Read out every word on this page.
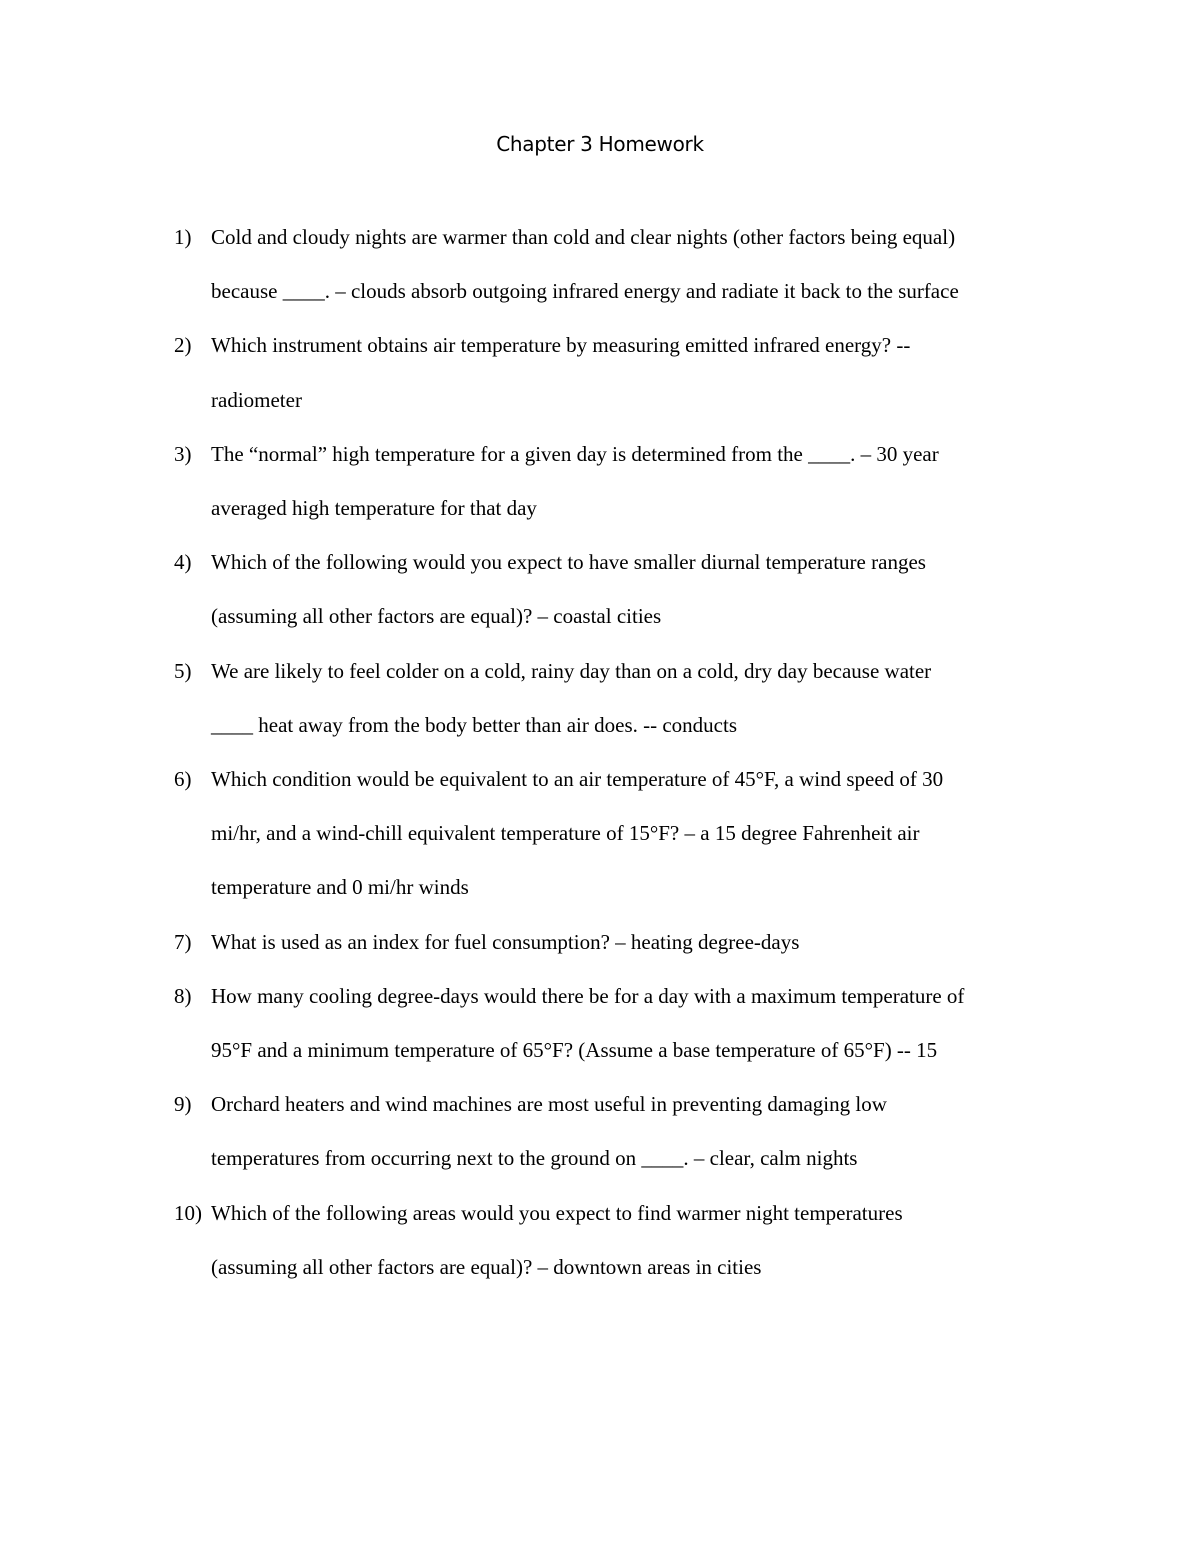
Chapter 3 Homework
1) Cold and cloudy nights are warmer than cold and clear nights (other factors being equal)
because ____. – clouds absorb outgoing infrared energy and radiate it back to the surface
2) Which instrument obtains air temperature by measuring emitted infrared energy? --
radiometer
3) The “normal” high temperature for a given day is determined from the ____. – 30 year
averaged high temperature for that day
4) Which of the following would you expect to have smaller diurnal temperature ranges
(assuming all other factors are equal)? – coastal cities
5) We are likely to feel colder on a cold, rainy day than on a cold, dry day because water
____ heat away from the body better than air does. -- conducts
6) Which condition would be equivalent to an air temperature of 45°F, a wind speed of 30
mi/hr, and a wind-chill equivalent temperature of 15°F? – a 15 degree Fahrenheit air
temperature and 0 mi/hr winds
7) What is used as an index for fuel consumption? – heating degree-days
8) How many cooling degree-days would there be for a day with a maximum temperature of
95°F and a minimum temperature of 65°F? (Assume a base temperature of 65°F) -- 15
9) Orchard heaters and wind machines are most useful in preventing damaging low
temperatures from occurring next to the ground on ____. – clear, calm nights
10) Which of the following areas would you expect to find warmer night temperatures
(assuming all other factors are equal)? – downtown areas in cities
